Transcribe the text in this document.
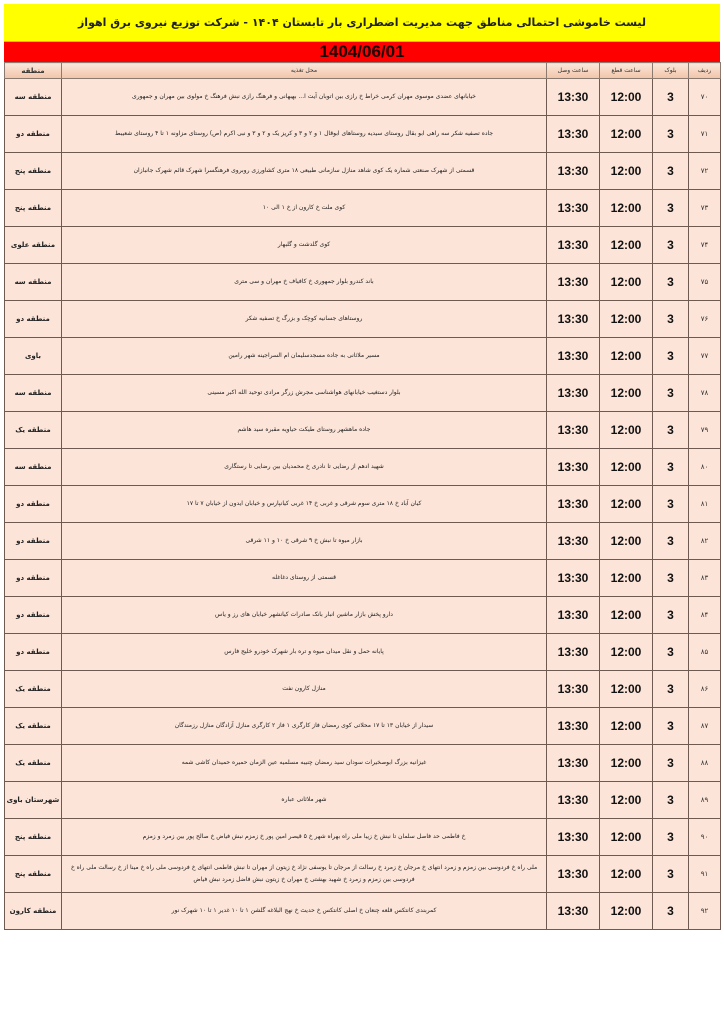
لیست خاموشی احتمالی مناطق جهت مدیریت اضطراری بار تابستان ۱۴۰۴ - شرکت توزیع نیروی برق اهواز
1404/06/01
ردیف	بلوک	ساعت قطع	ساعت وصل	محل تغذیه	منطقه
۷۰	3	12:00	13:30	خیابانهای عضدی موسوی مهران کرمی خراط خ رازی بین اتوبان آیت ا... بهبهانی و فرهنگ رازی نبش فرهنگ خ مولوی بین مهران و جمهوری	منطقه سه
۷۱	3	12:00	13:30	جاده تصفیه شکر سه راهی ابو بقال روستای سیدیه روستاهای ابوقال ۱ و ۲ و ۳ و کریز یک و ۲ و ۳ و نبی اکرم (ص) روستای مزاونه ۱ تا ۴ روستای شعیبط	منطقه دو
۷۲	3	12:00	13:30	قسمتی از شهرک صنعتی شماره یک کوی شاهد منازل سازمانی طبیعی ۱۸ متری کشاورزی روبروی فرهنگسرا شهرک قائم شهرک جانبازان	منطقه پنج
۷۳	3	12:00	13:30	کوی ملت خ کارون از خ ۱ الی ۱۰	منطقه پنج
۷۴	3	12:00	13:30	کوی گلدشت و گلبهار	منطقه علوی
۷۵	3	12:00	13:30	باند کندرو بلوار جمهوری خ کافیاف خ مهران و سی متری	منطقه سه
۷۶	3	12:00	13:30	روستاهای جسانیه کوچک و بزرگ خ تصفیه شکر	منطقه دو
۷۷	3	12:00	13:30	مسیر ملاثانی به جاده مسجدسلیمان ام السراجینه شهر رامین	باوی
۷۸	3	12:00	13:30	بلوار دستغیب خیابانهای هواشناسی مجرش زرگر مرادی توحید الله اکبر مسینی	منطقه سه
۷۹	3	12:00	13:30	جاده ماهشهر روستای طیکت حیاویه مقبره سید هاشم	منطقه یک
۸۰	3	12:00	13:30	شهید ادهم از رضایی تا نادری خ محمدیان بین رضایی تا رستگاری	منطقه سه
۸۱	3	12:00	13:30	کیان آباد خ ۱۸ متری سوم شرقی و غربی خ ۱۴ غربی کیانپارس و خیابان ایدون از خیابان ۷ تا ۱۷	منطقه دو
۸۲	3	12:00	13:30	بازار میوه تا نبش خ ۹ شرقی خ ۱۰ و ۱۱ شرقی	منطقه دو
۸۳	3	12:00	13:30	قسمتی از روستای دغاغله	منطقه دو
۸۴	3	12:00	13:30	دارو پخش بازار ماشین انبار بانک صادرات کیانشهر خیابان های رز و یاس	منطقه دو
۸۵	3	12:00	13:30	پایانه حمل و نقل میدان میوه و تره بار شهرک خودرو خلیج فارس	منطقه دو
۸۶	3	12:00	13:30	منازل کارون نفت	منطقه یک
۸۷	3	12:00	13:30	سیدار از خیابان ۱۳ تا ۱۷ محلاتی کوی رمضان فاز کارگری ۱ فاز ۲ کارگری منازل آزادگان منازل رزمندگان	منطقه یک
۸۸	3	12:00	13:30	غیزانیه بزرگ ابوصخیرات سودان سید رمضان چنیبه مسلمیه عین الزمان حمیره حمیدان کاشی شمه	منطقه یک
۸۹	3	12:00	13:30	شهر ملاثانی عباره	شهرستان باوی
۹۰	3	12:00	13:30	خ فاطمی حد فاصل سلمان تا نبش خ زیبا ملی راه بهراه شهر خ ۵ قیصر امین پور خ زمزم نبش فیاض خ صالح پور بین زمرد و زمزم	منطقه پنج
۹۱	3	12:00	13:30	ملی راه خ فردوسی بین زمزم و زمرد انتهای خ مرجان خ زمرد خ رسالت از مرجان تا یوسفی نژاد خ زیتون از مهران تا نبش فاطمی انتهای خ فردوسی ملی راه خ مینا از خ رسالت ملی راه خ فردوسی بین زمزم و زمرد خ شهید بهشتی خ مهران خ زیتون نبش فاضل زمرد نبش فیاض	منطقه پنج
۹۲	3	12:00	13:30	کمربندی کانتکس قلعه چنعان خ اصلی کانتکس خ حدیث خ نهج البلاغه گلشن ۱ تا ۱۰ غدیر ۱ تا ۱۰ شهرک نور	منطقه کارون
